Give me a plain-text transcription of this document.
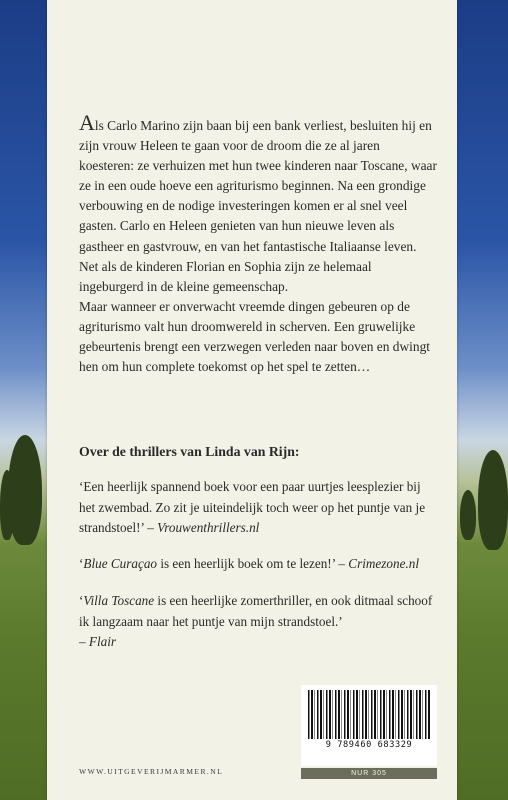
Als Carlo Marino zijn baan bij een bank verliest, besluiten hij en zijn vrouw Heleen te gaan voor de droom die ze al jaren koesteren: ze verhuizen met hun twee kinderen naar Toscane, waar ze in een oude hoeve een agriturismo beginnen. Na een grondige verbouwing en de nodige investeringen komen er al snel veel gasten. Carlo en Heleen genieten van hun nieuwe leven als gastheer en gastvrouw, en van het fantastische Italiaanse leven. Net als de kinderen Florian en Sophia zijn ze helemaal ingeburgerd in de kleine gemeenschap.

Maar wanneer er onverwacht vreemde dingen gebeuren op de agriturismo valt hun droomwereld in scherven. Een gruwelijke gebeurtenis brengt een verzwegen verleden naar boven en dwingt hen om hun complete toekomst op het spel te zetten…

Over de thrillers van Linda van Rijn:

‘Een heerlijk spannend boek voor een paar uurtjes leesplezier bij het zwembad. Zo zit je uiteindelijk toch weer op het puntje van je strandstoel!’ – Vrouwenthrillers.nl

‘Blue Curaçao is een heerlijk boek om te lezen!’ – Crimezone.nl

‘Villa Toscane is een heerlijke zomerthriller, en ook ditmaal schoof ik langzaam naar het puntje van mijn strandstoel.’

– Flair

WWW.UITGEVERIJMARMER.NL
9 789460 683329
NUR 305
